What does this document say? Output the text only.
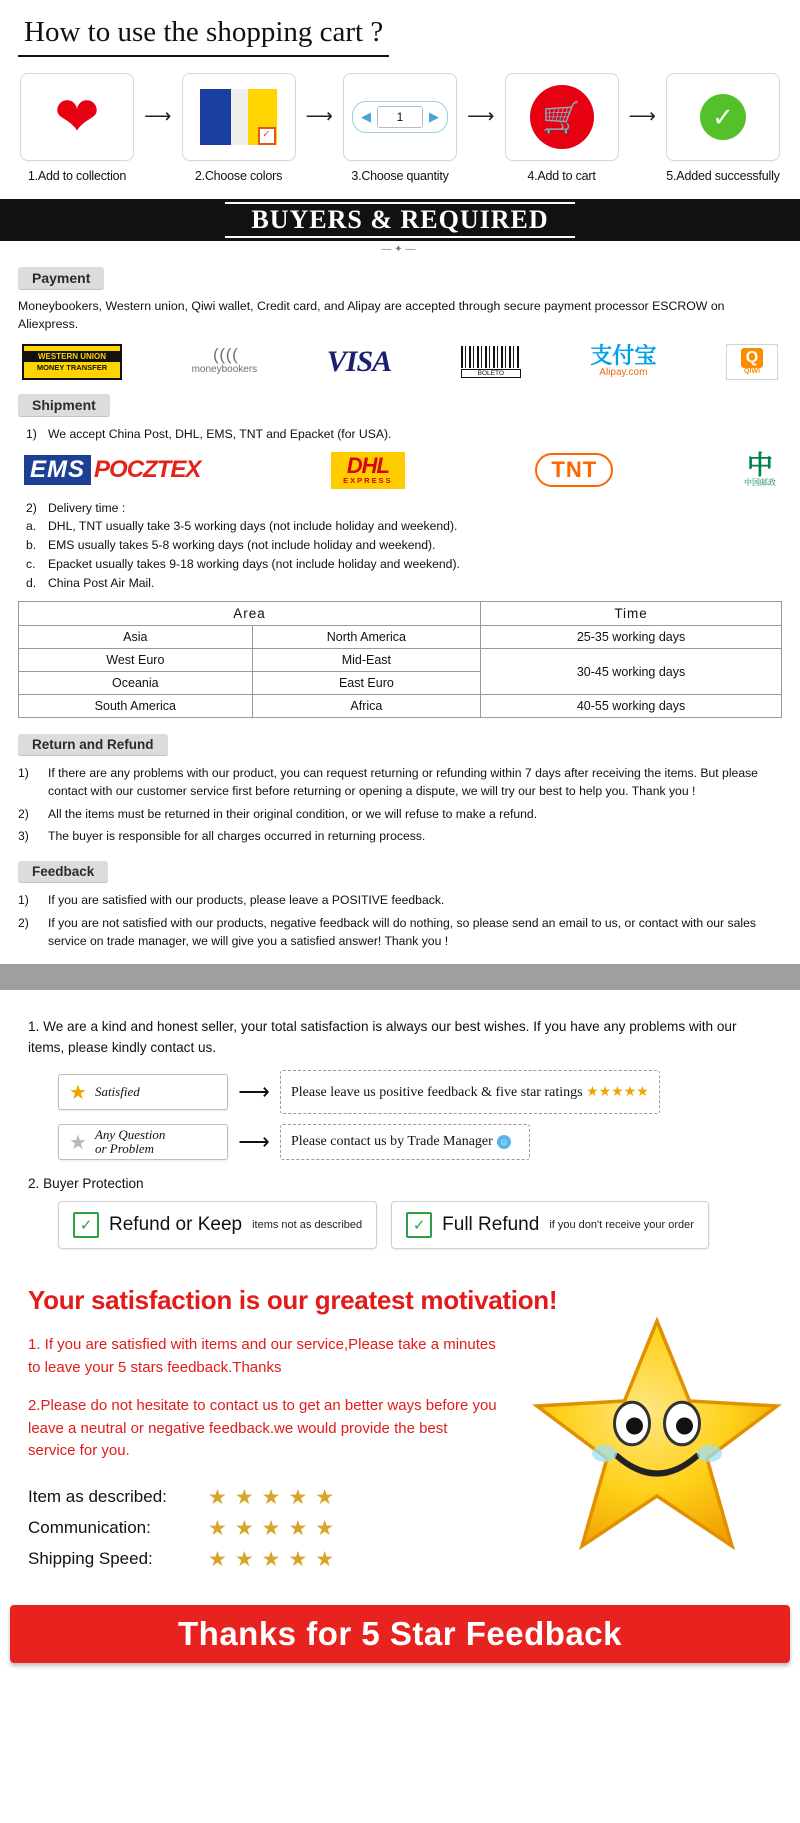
How to use the shopping cart ?
❤
1.Add to collection
⟶
✓
2.Choose colors
⟶ ◀	1	▶
3.Choose quantity
⟶	🛒
4.Add to cart
⟶	✓
5.Added successfully
BUYERS & REQUIRED
—✦—
Payment

Moneybookers, Western union, Qiwi wallet, Credit card, and Alipay are accepted through secure payment processor ESCROW on Aliexpress.

WESTERN UNION
MONEY TRANSFER
( ( ( (
moneybookers VISA	BOLETO
支付宝
Alipay.com
Q
QIWI
Shipment
1) We accept China Post, DHL, EMS, TNT and Epacket (for USA).
EMS POCZTEX	DHL
EXPRESS	TNT	中
中国邮政
2) Delivery time :
a. DHL, TNT usually take 3-5 working days (not include holiday and weekend).
b. EMS usually takes 5-8 working days (not include holiday and weekend).
c.	Epacket usually takes 9-18 working days (not include holiday and weekend).
d. China Post Air Mail.
Area		Time
Asia	North America	25-35 working days
West Euro	Mid-East	30-45 working days
Oceania	East Euro	
South America	Africa	40-55 working days
Return and Refund
1)	If there are any problems with our product, you can request returning or refunding within 7 days after receiving the items. But please contact with our customer service first before returning or opening a dispute, we will try our best to help you. Thank you !
2)	All the items must be returned in their original condition, or we will refuse to make a refund.
3)	The buyer is responsible for all charges occurred in returning process.
Feedback
1)	If you are satisfied with our products, please leave a POSITIVE feedback.
2)	If you are not satisfied with our products, negative feedback will do nothing, so please send an email to us, or contact with our sales service on trade manager, we will give you a satisfied answer! Thank you !

1. We are a kind and honest seller, your total satisfaction is always our best wishes. If you have any problems with our items, please kindly contact us.

★ Satisfied	⟶	Please leave us positive feedback & five star ratings ★★★★★
★ Any Question
or Problem	⟶	Please contact us by Trade Manager ☺
2. Buyer Protection
✓ Refund or Keep items not as described	✓ Full Refund if you don't receive your order
Your satisfaction is our greatest motivation!

1. If you are satisfied with items and our service,Please take a minutes to leave your 5 stars feedback.Thanks

2.Please do not hesitate to contact us to get an better ways before you leave a neutral or negative feedback.we would provide the best service for you.

Item as described:	★★★★★
Communication:	★★★★★
Shipping Speed:	★★★★★
Thanks for 5 Star Feedback
